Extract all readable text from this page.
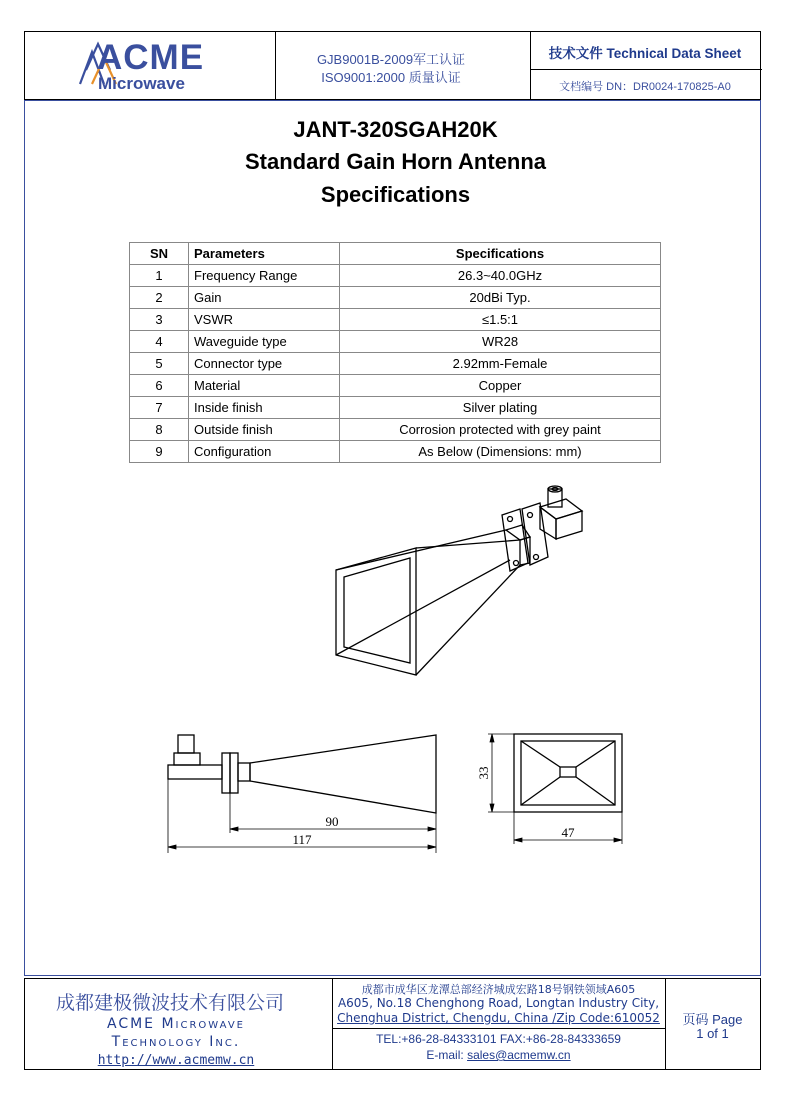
ACME
Microwave
GJB9001B-2009军工认证
ISO9001:2000 质量认证
技术文件 Technical Data Sheet
文档编号 DN：DR0024-170825-A0
JANT-320SGAH20K
Standard Gain Horn Antenna
Specifications
SN	Parameters	Specifications
1	Frequency Range	26.3~40.0GHz
2	Gain	20dBi Typ.
3	VSWR	≤1.5:1
4	Waveguide type	WR28
5	Connector type	2.92mm-Female
6	Material	Copper
7	Inside finish	Silver plating
8	Outside finish	Corrosion protected with grey paint
9	Configuration	As Below (Dimensions: mm)
90
117
33
47
成都建极微波技术有限公司
ACME Microwave
Technology Inc.
http://www.acmemw.cn
成都市成华区龙潭总部经济城成宏路18号钢铁领域A605
A605, No.18 Chenghong Road, Longtan Industry City,
Chenghua District, Chengdu, China /Zip Code:610052
TEL:+86-28-84333101 FAX:+86-28-84333659
E-mail: sales@acmemw.cn
页码 Page
1 of 1
